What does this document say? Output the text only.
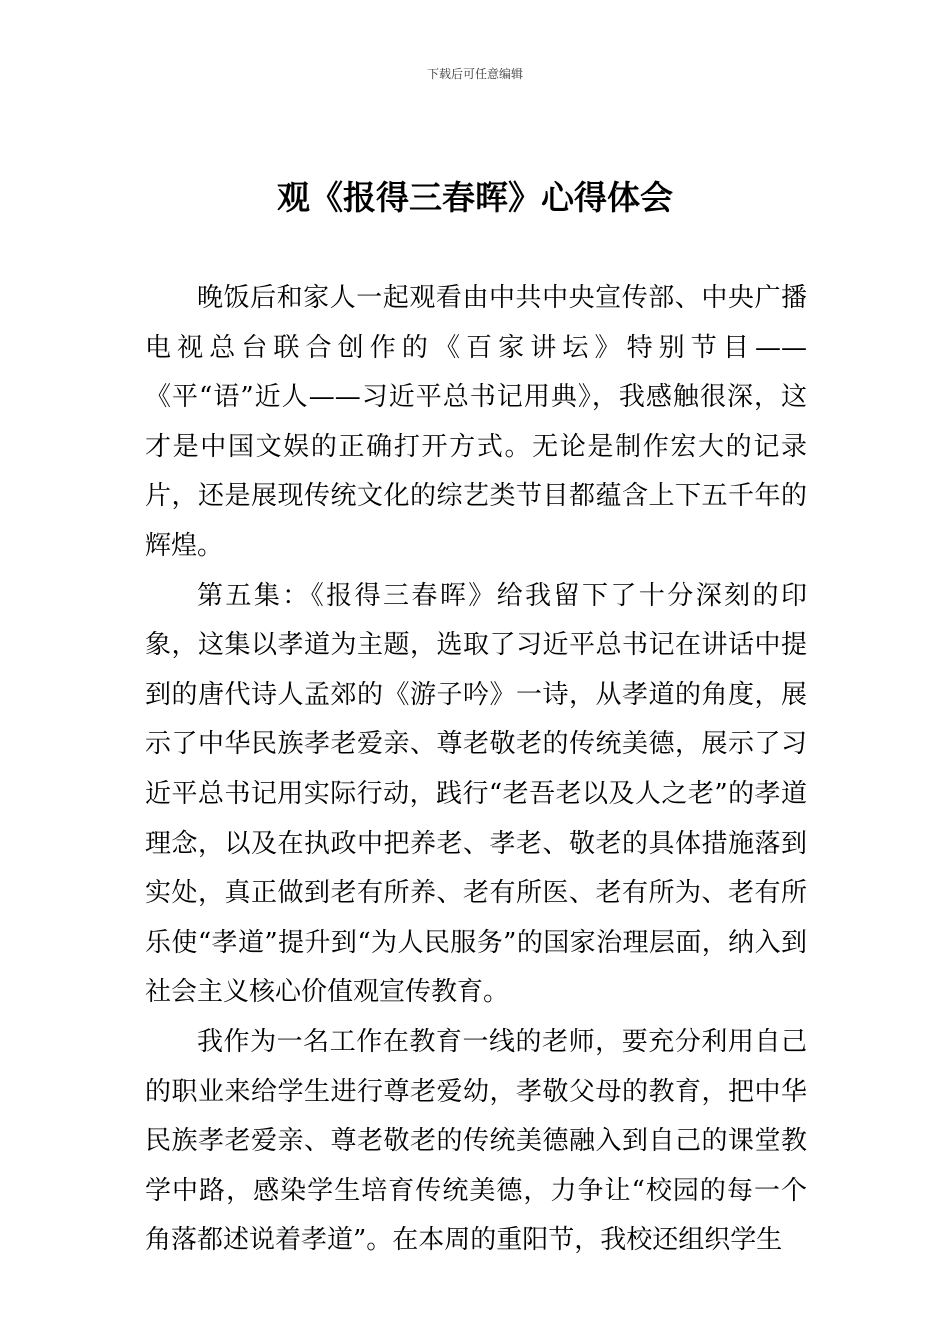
下载后可任意编辑
观《报得三春晖》心得体会

晚饭后和家人一起观看由中共中央宣传部、中央广播电视总台联合创作的《百家讲坛》特别节目——《平“语”近人——习近平总书记用典》，我感触很深，这才是中国文娱的正确打开方式。无论是制作宏大的记录片，还是展现传统文化的综艺类节目都蕴含上下五千年的辉煌。

第五集：《报得三春晖》给我留下了十分深刻的印象，这集以孝道为主题，选取了习近平总书记在讲话中提到的唐代诗人孟郊的《游子吟》一诗，从孝道的角度，展示了中华民族孝老爱亲、尊老敬老的传统美德，展示了习近平总书记用实际行动，践行“老吾老以及人之老”的孝道理念，以及在执政中把养老、孝老、敬老的具体措施落到实处，真正做到老有所养、老有所医、老有所为、老有所乐使“孝道”提升到“为人民服务”的国家治理层面，纳入到社会主义核心价值观宣传教育。

我作为一名工作在教育一线的老师，要充分利用自己的职业来给学生进行尊老爱幼，孝敬父母的教育，把中华民族孝老爱亲、尊老敬老的传统美德融入到自己的课堂教学中路，感染学生培育传统美德，力争让“校园的每一个角落都述说着孝道”。在本周的重阳节，我校还组织学生
